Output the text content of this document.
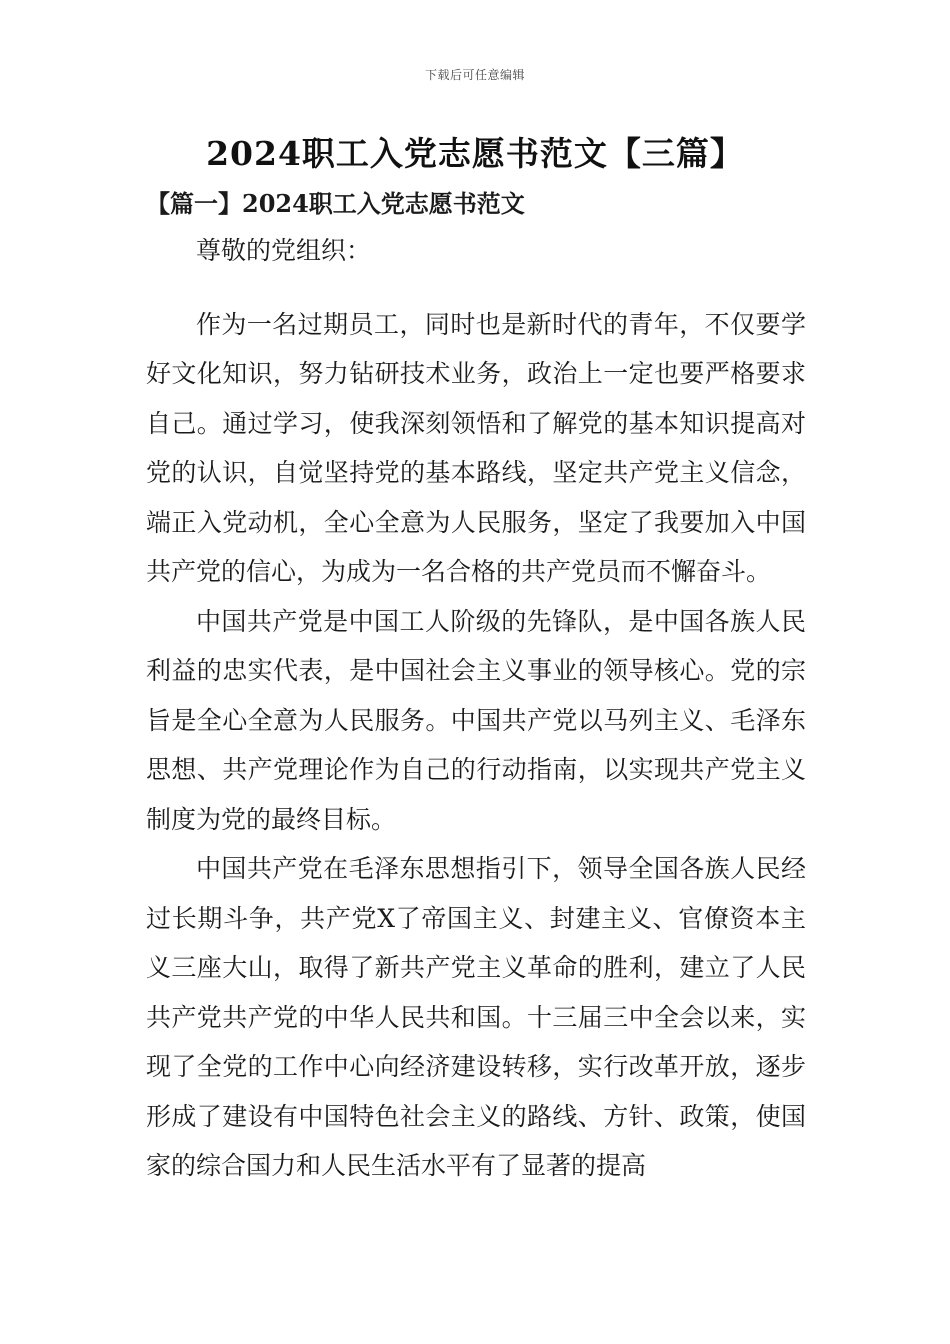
下载后可任意编辑
2024职工入党志愿书范文【三篇】
【篇一】2024职工入党志愿书范文

尊敬的党组织：

作为一名过期员工，同时也是新时代的青年，不仅要学好文化知识，努力钻研技术业务，政治上一定也要严格要求自己。通过学习，使我深刻领悟和了解党的基本知识提高对党的认识，自觉坚持党的基本路线，坚定共产党主义信念，端正入党动机，全心全意为人民服务，坚定了我要加入中国共产党的信心，为成为一名合格的共产党员而不懈奋斗。

中国共产党是中国工人阶级的先锋队，是中国各族人民利益的忠实代表，是中国社会主义事业的领导核心。党的宗旨是全心全意为人民服务。中国共产党以马列主义、毛泽东思想、共产党理论作为自己的行动指南，以实现共产党主义制度为党的最终目标。

中国共产党在毛泽东思想指引下，领导全国各族人民经过长期斗争，共产党X了帝国主义、封建主义、官僚资本主义三座大山，取得了新共产党主义革命的胜利，建立了人民共产党共产党的中华人民共和国。十三届三中全会以来，实现了全党的工作中心向经济建设转移，实行改革开放，逐步形成了建设有中国特色社会主义的路线、方针、政策，使国家的综合国力和人民生活水平有了显著的提高
